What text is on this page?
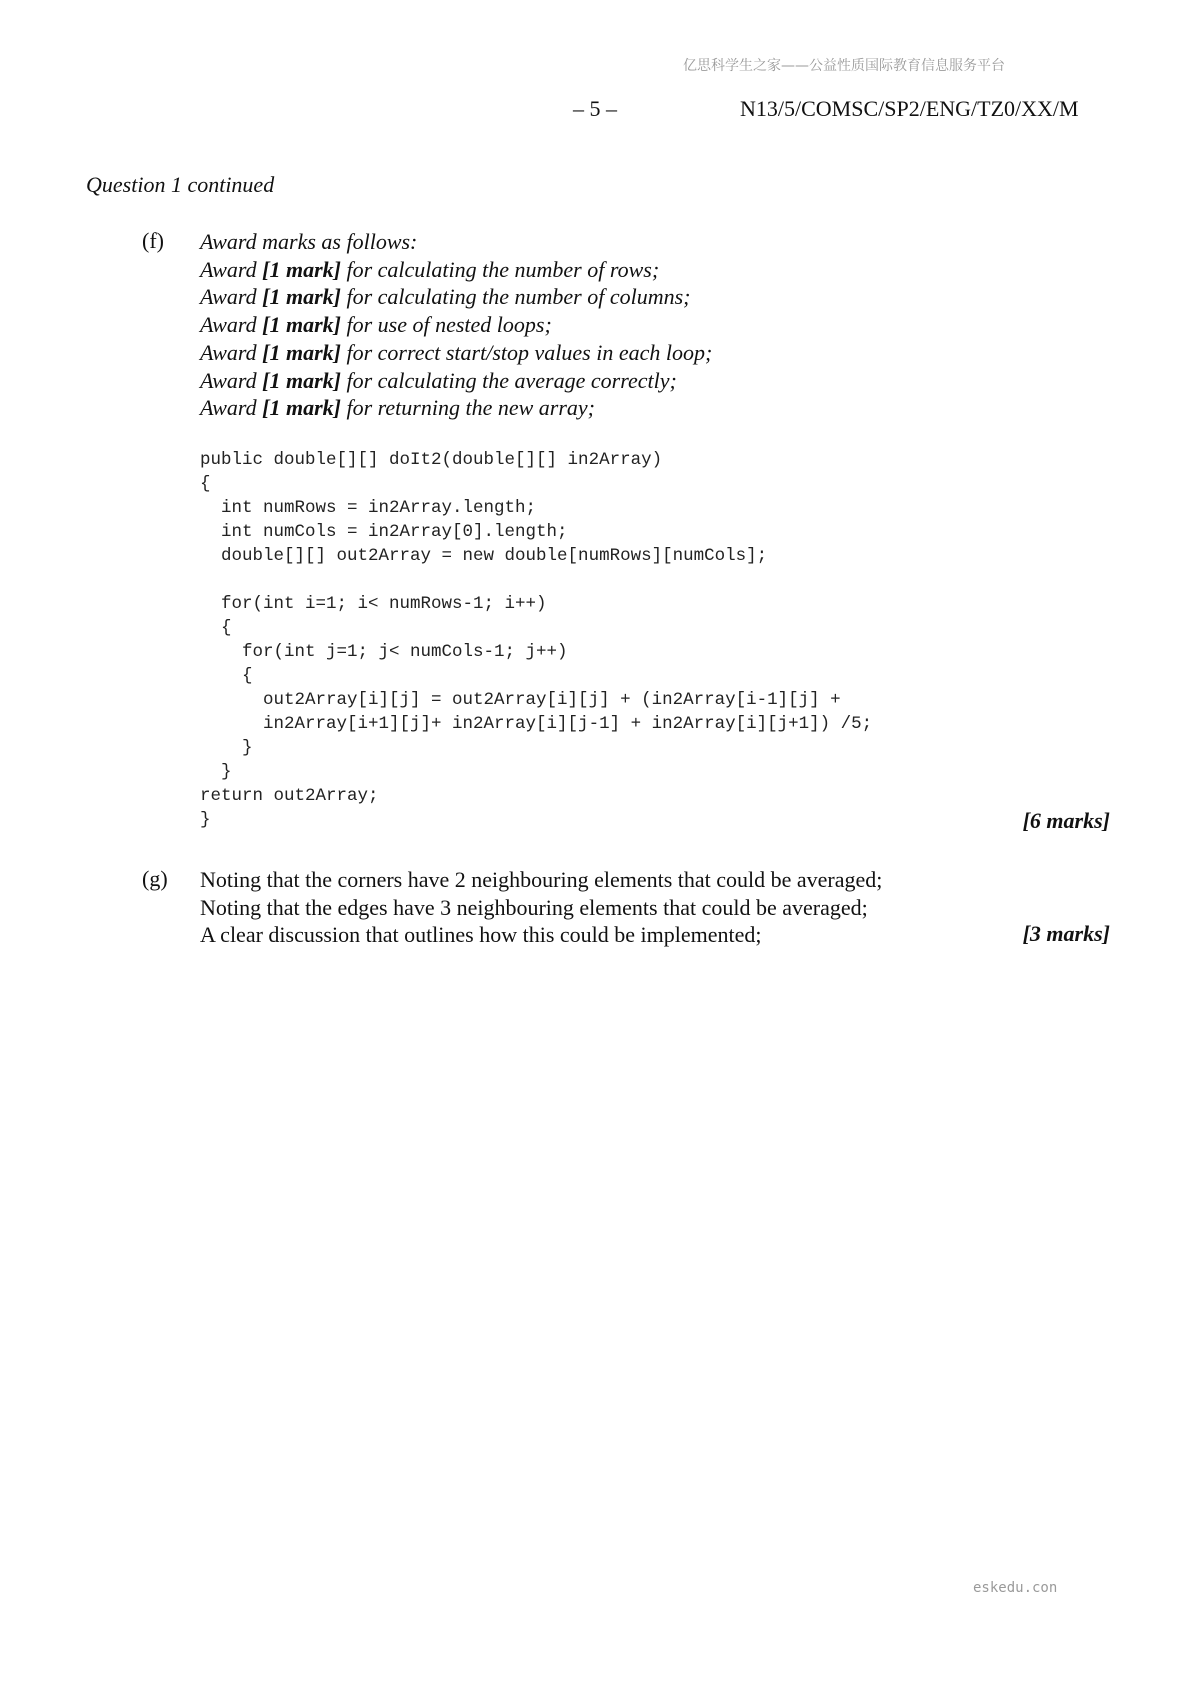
亿思科学生之家——公益性质国际教育信息服务平台
– 5 –	N13/5/COMSC/SP2/ENG/TZ0/XX/M
Question 1 continued
(f) Award marks as follows:
Award [1 mark] for calculating the number of rows;
Award [1 mark] for calculating the number of columns;
Award [1 mark] for use of nested loops;
Award [1 mark] for correct start/stop values in each loop;
Award [1 mark] for calculating the average correctly;
Award [1 mark] for returning the new array;
public double[][] doIt2(double[][] in2Array)
{
int numRows = in2Array.length;
int numCols = in2Array[0].length;
double[][] out2Array = new double[numRows][numCols];

for(int i=1; i< numRows-1; i++)
{
for(int j=1; j< numCols-1; j++)
{
out2Array[i][j] = out2Array[i][j] + (in2Array[i-1][j] +
in2Array[i+1][j]+ in2Array[i][j-1] + in2Array[i][j+1]) /5;
}
}
return out2Array;
}	[6 marks]
(g) Noting that the corners have 2 neighbouring elements that could be averaged;
Noting that the edges have 3 neighbouring elements that could be averaged;
A clear discussion that outlines how this could be implemented;	[3 marks]
eskedu.con
